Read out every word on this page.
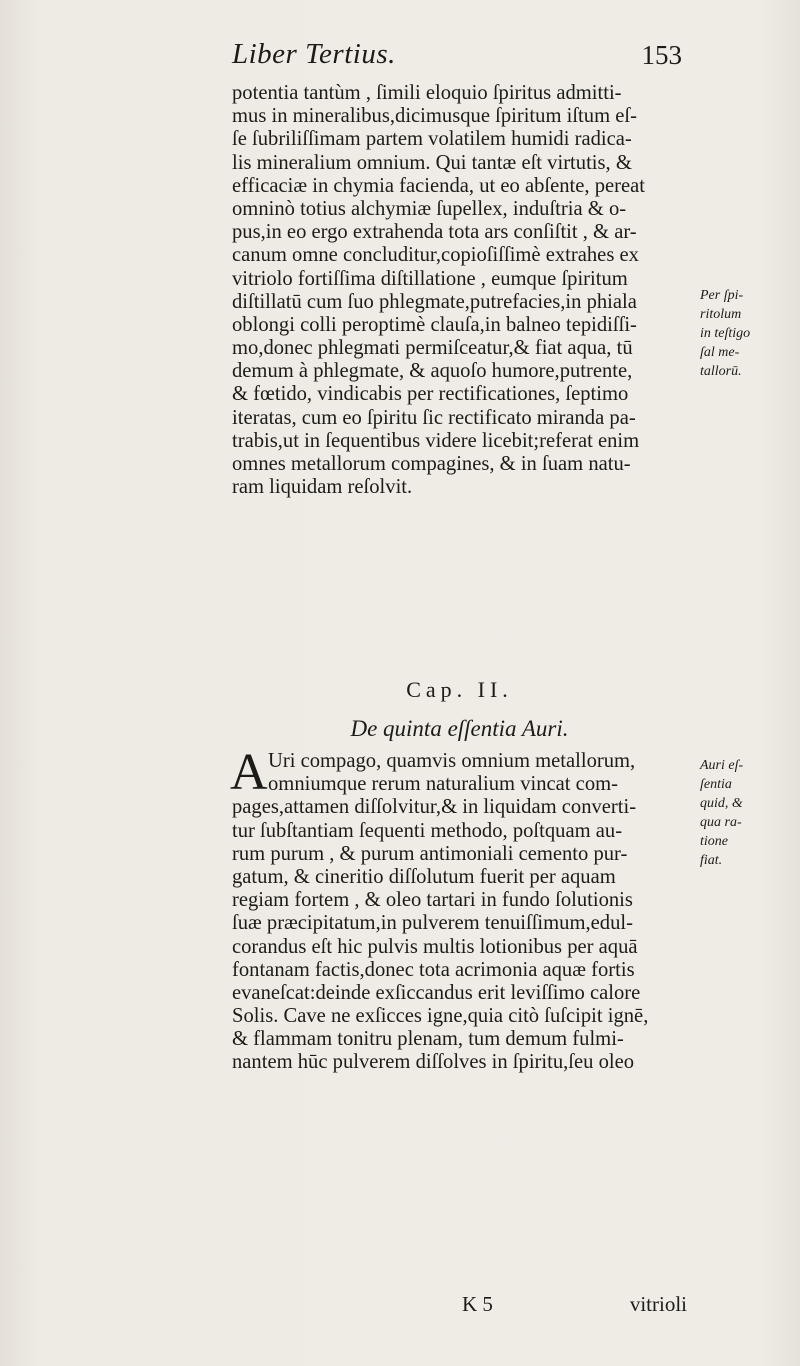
Liber Tertius.	153
potentia tantùm , ſimili eloquio ſpiritus admitti-
mus in mineralibus,dicimusque ſpiritum iſtum eſ-
ſe ſubriliſſimam partem volatilem humidi radica-
lis mineralium omnium. Qui tantæ eſt virtutis, &
efficaciæ in chymia facienda, ut eo abſente, pereat
omninò totius alchymiæ ſupellex, induſtria & o-
pus,in eo ergo extrahenda tota ars conſiſtit , & ar-
canum omne concluditur,copioſiſſimè extrahes ex
vitriolo fortiſſima diſtillatione , eumque ſpiritum
diſtillatū cum ſuo phlegmate,putrefacies,in phiala
oblongi colli peroptimè clauſa,in balneo tepidiſſi-
mo,donec phlegmati permiſceatur,& fiat aqua, tū
demum à phlegmate, & aquoſo humore,putrente,
& fœtido, vindicabis per rectificationes, ſeptimo
iteratas, cum eo ſpiritu ſic rectificato miranda pa-
trabis,ut in ſequentibus videre licebit;referat enim
omnes metallorum compagines, & in ſuam natu-
ram liquidam reſolvit.
Per ſpi-
ritolum
in teſtigo
ſal me-
tallorū.
Cap. II.
De quinta eſſentia Auri.
A Uri compago, quamvis omnium metallorum,
omniumque rerum naturalium vincat com-
pages,attamen diſſolvitur,& in liquidam converti-
tur ſubſtantiam ſequenti methodo, poſtquam au-
rum purum , & purum antimoniali cemento pur-
gatum, & cineritio diſſolutum fuerit per aquam
regiam fortem , & oleo tartari in fundo ſolutionis
ſuæ præcipitatum,in pulverem tenuiſſimum,edul-
corandus eſt hic pulvis multis lotionibus per aquā
fontanam factis,donec tota acrimonia aquæ fortis
evaneſcat:deinde exſiccandus erit leviſſimo calore
Solis. Cave ne exſicces igne,quia citò ſuſcipit ignē,
& flammam tonitru plenam, tum demum fulmi-
nantem hūc pulverem diſſolves in ſpiritu,ſeu oleo
Auri eſ-
ſentia
quid, &
qua ra-
tione
fiat.
K 5	vitrioli
